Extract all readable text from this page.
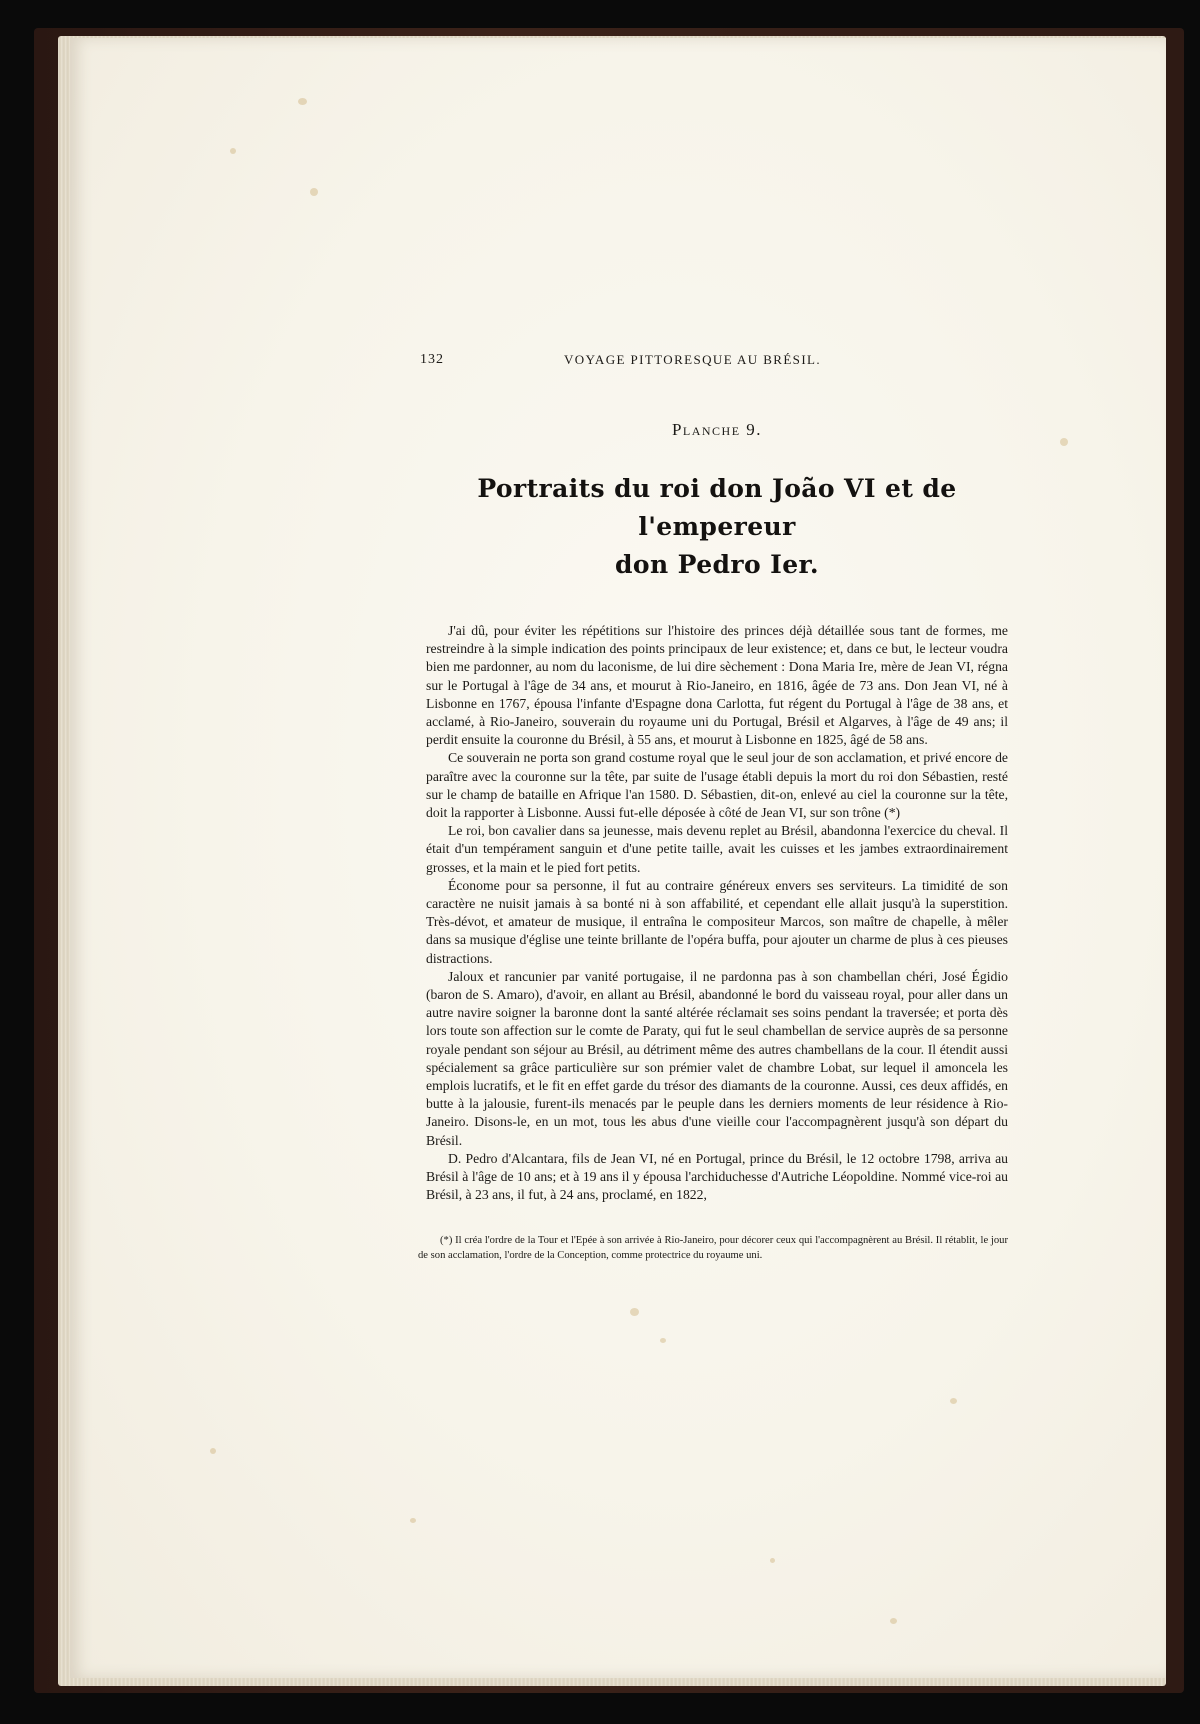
132	VOYAGE PITTORESQUE AU BRÉSIL.
Planche 9.
Portraits du roi don João VI et de l'empereur
don Pedro Ier.

J'ai dû, pour éviter les répétitions sur l'histoire des princes déjà détaillée sous tant de formes, me restreindre à la simple indication des points principaux de leur existence; et, dans ce but, le lecteur voudra bien me pardonner, au nom du laconisme, de lui dire sèchement : Dona Maria Ire, mère de Jean VI, régna sur le Portugal à l'âge de 34 ans, et mourut à Rio-Janeiro, en 1816, âgée de 73 ans. Don Jean VI, né à Lisbonne en 1767, épousa l'infante d'Espagne dona Carlotta, fut régent du Portugal à l'âge de 38 ans, et acclamé, à Rio-Janeiro, souverain du royaume uni du Portugal, Brésil et Algarves, à l'âge de 49 ans; il perdit ensuite la couronne du Brésil, à 55 ans, et mourut à Lisbonne en 1825, âgé de 58 ans.

Ce souverain ne porta son grand costume royal que le seul jour de son acclamation, et privé encore de paraître avec la couronne sur la tête, par suite de l'usage établi depuis la mort du roi don Sébastien, resté sur le champ de bataille en Afrique l'an 1580. D. Sébastien, dit-on, enlevé au ciel la couronne sur la tête, doit la rapporter à Lisbonne. Aussi fut-elle déposée à côté de Jean VI, sur son trône (*)

Le roi, bon cavalier dans sa jeunesse, mais devenu replet au Brésil, abandonna l'exercice du cheval. Il était d'un tempérament sanguin et d'une petite taille, avait les cuisses et les jambes extraordinairement grosses, et la main et le pied fort petits.

Économe pour sa personne, il fut au contraire généreux envers ses serviteurs. La timidité de son caractère ne nuisit jamais à sa bonté ni à son affabilité, et cependant elle allait jusqu'à la superstition. Très-dévot, et amateur de musique, il entraîna le compositeur Marcos, son maître de chapelle, à mêler dans sa musique d'église une teinte brillante de l'opéra buffa, pour ajouter un charme de plus à ces pieuses distractions.

Jaloux et rancunier par vanité portugaise, il ne pardonna pas à son chambellan chéri, José Égidio (baron de S. Amaro), d'avoir, en allant au Brésil, abandonné le bord du vaisseau royal, pour aller dans un autre navire soigner la baronne dont la santé altérée réclamait ses soins pendant la traversée; et porta dès lors toute son affection sur le comte de Paraty, qui fut le seul chambellan de service auprès de sa personne royale pendant son séjour au Brésil, au détriment même des autres chambellans de la cour. Il étendit aussi spécialement sa grâce particulière sur son prémier valet de chambre Lobat, sur lequel il amoncela les emplois lucratifs, et le fit en effet garde du trésor des diamants de la couronne. Aussi, ces deux affidés, en butte à la jalousie, furent-ils menacés par le peuple dans les derniers moments de leur résidence à Rio-Janeiro. Disons-le, en un mot, tous les abus d'une vieille cour l'accompagnèrent jusqu'à son départ du Brésil.

D. Pedro d'Alcantara, fils de Jean VI, né en Portugal, prince du Brésil, le 12 octobre 1798, arriva au Brésil à l'âge de 10 ans; et à 19 ans il y épousa l'archiduchesse d'Autriche Léopoldine. Nommé vice-roi au Brésil, à 23 ans, il fut, à 24 ans, proclamé, en 1822,

(*) Il créa l'ordre de la Tour et l'Epée à son arrivée à Rio-Janeiro, pour décorer ceux qui l'accompagnèrent au Brésil. Il rétablit, le jour de son acclamation, l'ordre de la Conception, comme protectrice du royaume uni.
